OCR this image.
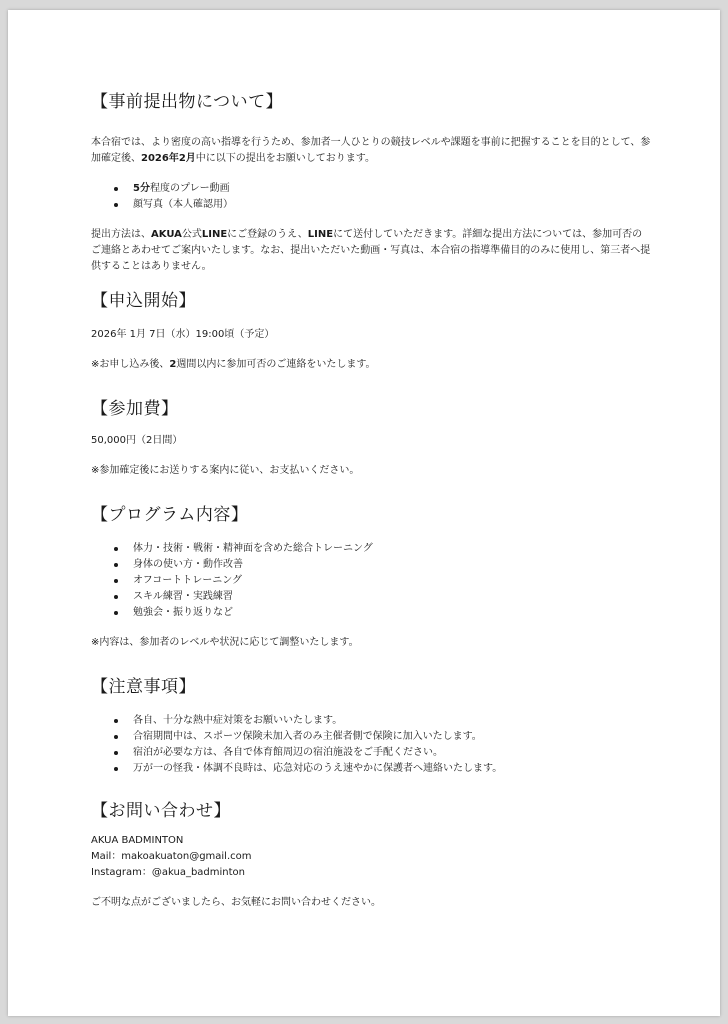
【事前提出物について】

本合宿では、より密度の高い指導を行うため、参加者一人ひとりの競技レベルや課題を事前に把握することを目的として、参加確定後、2026年2月中に以下の提出をお願いしております。

5分程度のプレー動画
顔写真（本人確認用）

提出方法は、AKUA公式LINEにご登録のうえ、LINEにて送付していただきます。詳細な提出方法については、参加可否のご連絡とあわせてご案内いたします。なお、提出いただいた動画・写真は、本合宿の指導準備目的のみに使用し、第三者へ提供することはありません。

【申込開始】

2026年 1月 7日（水）19:00頃（予定）

※お申し込み後、2週間以内に参加可否のご連絡をいたします。

【参加費】

50,000円（2日間）

※参加確定後にお送りする案内に従い、お支払いください。

【プログラム内容】
体力・技術・戦術・精神面を含めた総合トレーニング
身体の使い方・動作改善
オフコートトレーニング
スキル練習・実践練習
勉強会・振り返りなど

※内容は、参加者のレベルや状況に応じて調整いたします。

【注意事項】
各自、十分な熱中症対策をお願いいたします。
合宿期間中は、スポーツ保険未加入者のみ主催者側で保険に加入いたします。
宿泊が必要な方は、各自で体育館周辺の宿泊施設をご手配ください。
万が一の怪我・体調不良時は、応急対応のうえ速やかに保護者へ連絡いたします。
【お問い合わせ】

AKUA BADMINTON

Mail：makoakuaton@gmail.com

Instagram：@akua_badminton

ご不明な点がございましたら、お気軽にお問い合わせください。
